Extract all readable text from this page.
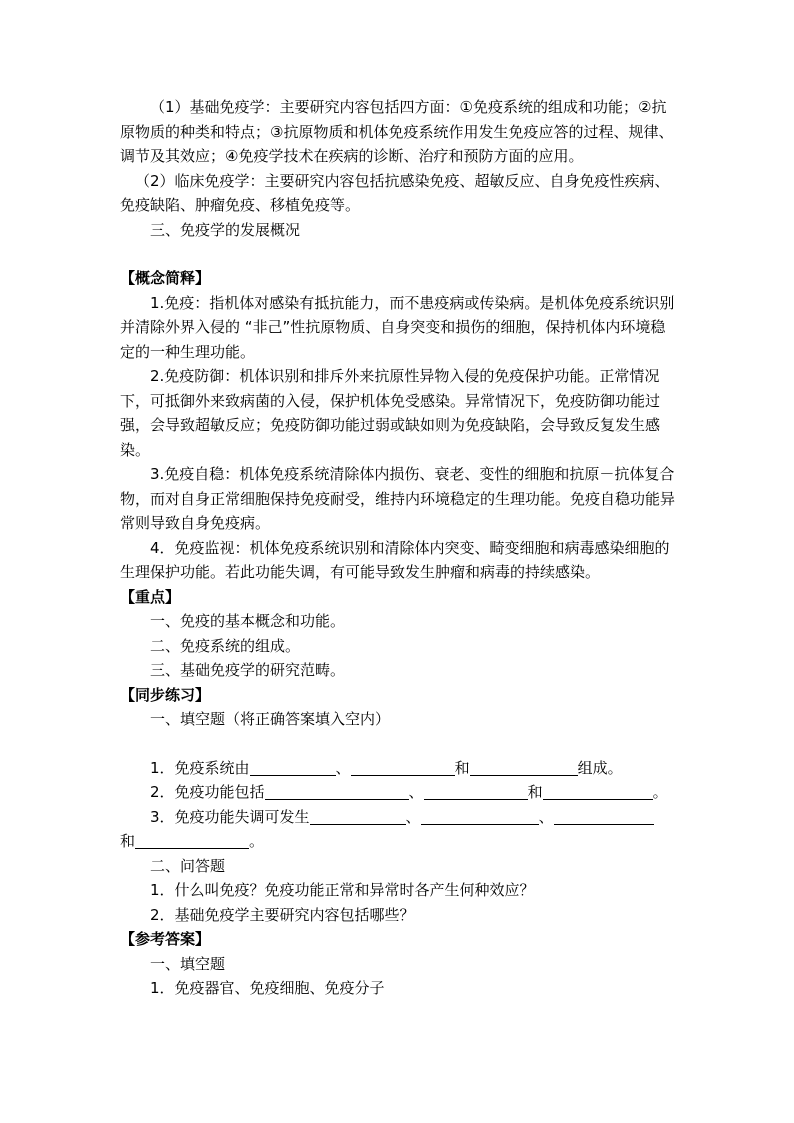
（1）基础免疫学：主要研究内容包括四方面：①免疫系统的组成和功能；②抗原物质的种类和特点；③抗原物质和机体免疫系统作用发生免疫应答的过程、规律、调节及其效应；④免疫学技术在疾病的诊断、治疗和预防方面的应用。

（2）临床免疫学：主要研究内容包括抗感染免疫、超敏反应、自身免疫性疾病、免疫缺陷、肿瘤免疫、移植免疫等。

三、免疫学的发展概况

【概念简释】

1.免疫：指机体对感染有抵抗能力，而不患疫病或传染病。是机体免疫系统识别并清除外界入侵的 “非己”性抗原物质、自身突变和损伤的细胞，保持机体内环境稳定的一种生理功能。

2.免疫防御：机体识别和排斥外来抗原性异物入侵的免疫保护功能。正常情况下，可抵御外来致病菌的入侵，保护机体免受感染。异常情况下，免疫防御功能过强，会导致超敏反应；免疫防御功能过弱或缺如则为免疫缺陷，会导致反复发生感染。

3.免疫自稳：机体免疫系统清除体内损伤、衰老、变性的细胞和抗原－抗体复合物，而对自身正常细胞保持免疫耐受，维持内环境稳定的生理功能。免疫自稳功能异常则导致自身免疫病。

4．免疫监视：机体免疫系统识别和清除体内突变、畸变细胞和病毒感染细胞的生理保护功能。若此功能失调，有可能导致发生肿瘤和病毒的持续感染。

【重点】

一、免疫的基本概念和功能。

二、免疫系统的组成。

三、基础免疫学的研究范畴。

【同步练习】

一、填空题（将正确答案填入空内）

1．免疫系统由	、	和	组成。

2．免疫功能包括	、	和	。

3．免疫功能失调可发生	、	、

和	。

二、问答题

1．什么叫免疫？免疫功能正常和异常时各产生何种效应？

2．基础免疫学主要研究内容包括哪些？

【参考答案】

一、填空题

1．免疫器官、免疫细胞、免疫分子
